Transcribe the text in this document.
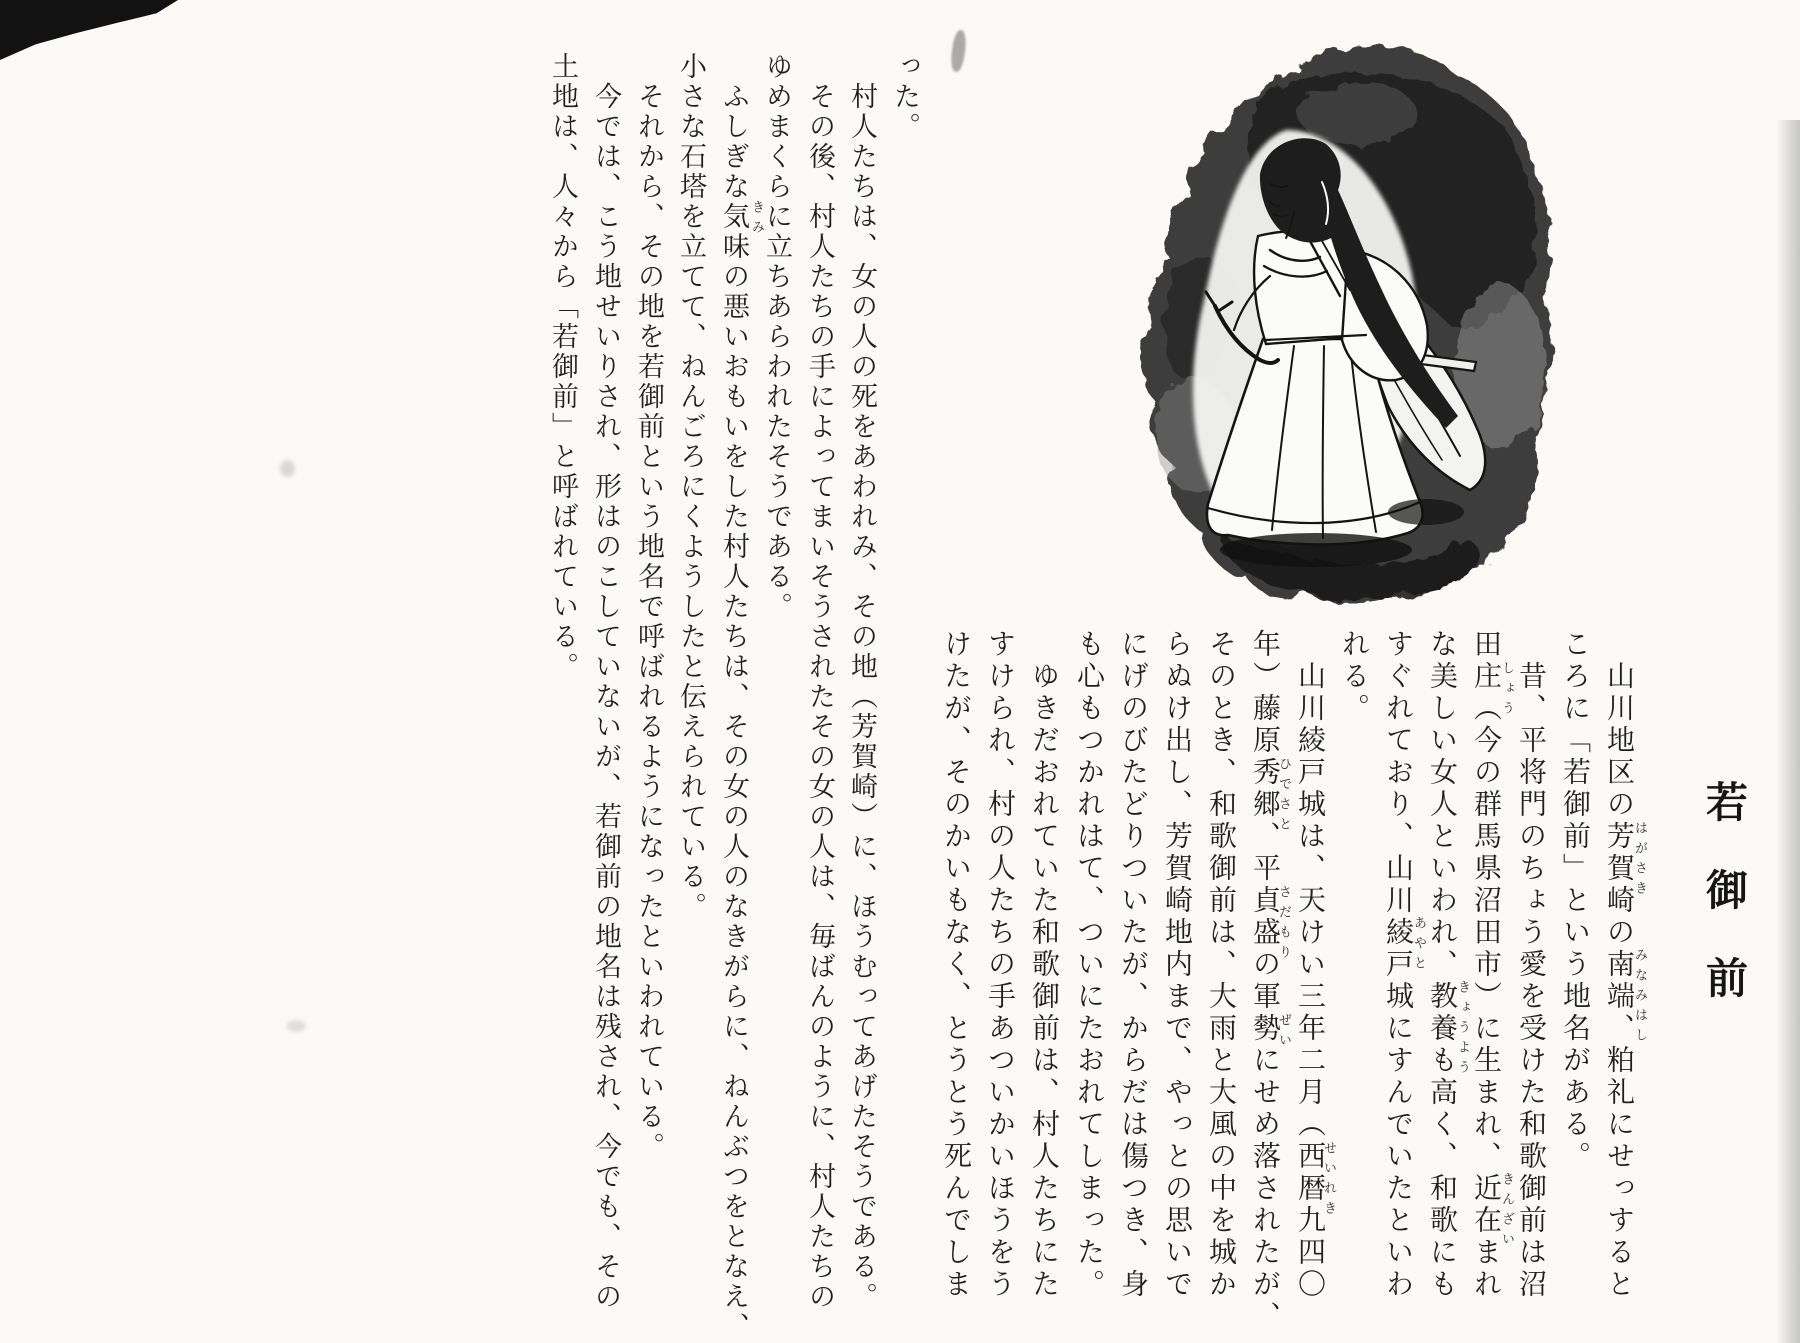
若御前
山川地区の芳賀崎の南端、粕礼にせっすると
ころに「若御前」という地名がある。
昔、平将門のちょう愛を受けた和歌御前は沼
田庄（今の群馬県沼田市）に生まれ、近在まれ
な美しい女人といわれ、教養も高く、和歌にも
すぐれており、山川綾戸城にすんでいたといわ
れる。
山川綾戸城は、天けい三年二月（西暦九四〇
年）藤原秀郷、平貞盛の軍勢にせめ落されたが、
そのとき、和歌御前は、大雨と大風の中を城か
らぬけ出し、芳賀崎地内まで、やっとの思いで
にげのびたどりついたが、からだは傷つき、身
も心もつかれはて、ついにたおれてしまった。
ゆきだおれていた和歌御前は、村人たちにた
すけられ、村の人たちの手あついかいほうをう
けたが、そのかいもなく、とうとう死んでしま
った。
村人たちは、女の人の死をあわれみ、その地（芳賀崎）に、ほうむってあげたそうである。
その後、村人たちの手によってまいそうされたその女の人は、毎ばんのように、村人たちの
ゆめまくらに立ちあらわれたそうである。
ふしぎな気味の悪いおもいをした村人たちは、その女の人のなきがらに、ねんぶつをとなえ、
小さな石塔を立てて、ねんごろにくようしたと伝えられている。
それから、その地を若御前という地名で呼ばれるようになったといわれている。
今では、こう地せいりされ、形はのこしていないが、若御前の地名は残され、今でも、その
土地は、人々から「若御前」と呼ばれている。
はがさき
みなみはし
しょう
きんざい
きょうよう
あやと
せいれき
ひでさと
さだもり
ぜい
きみ
